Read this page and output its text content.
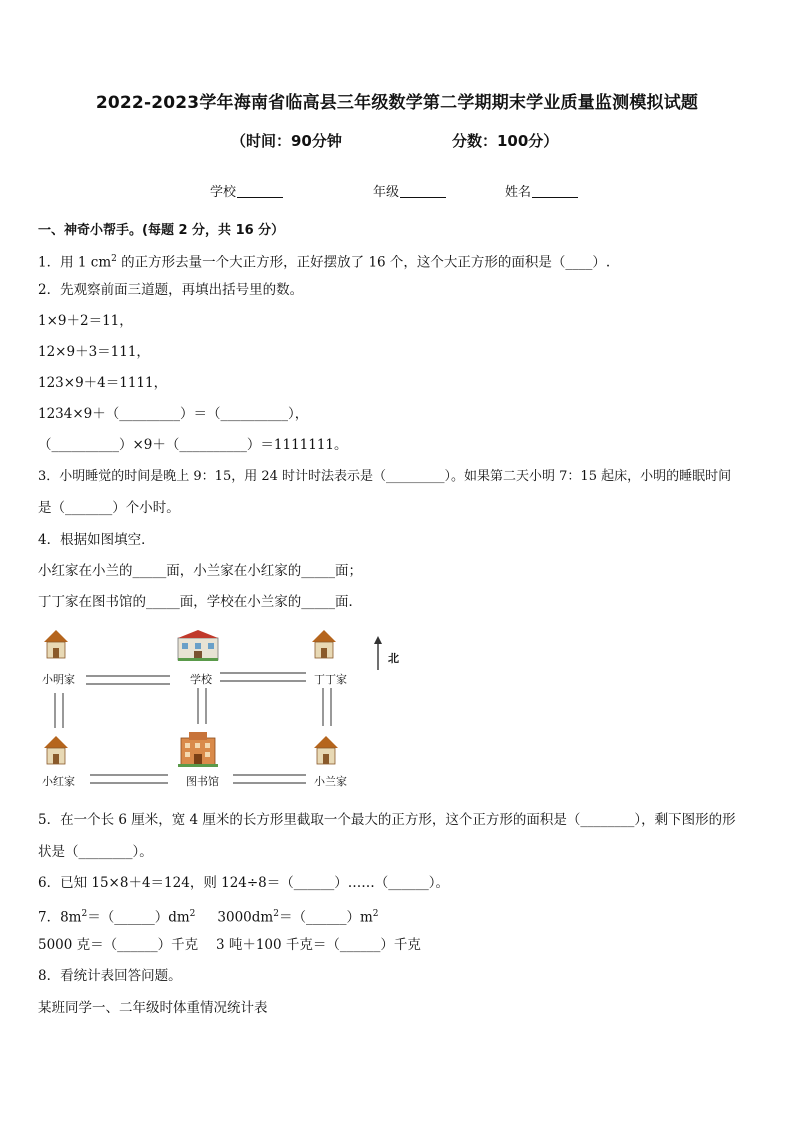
2022-2023学年海南省临高县三年级数学第二学期期末学业质量监测模拟试题
（时间：90分钟	分数：100分）
学校	年级	姓名
一、神奇小帮手。(每题 2 分，共 16 分）
1．用 1 $cm^2$ 的正方形去量一个大正方形，正好摆放了 16 个，这个大正方形的面积是（____）.
2．先观察前面三道题，再填出括号里的数。
1×9＋2＝11，
12×9＋3＝111，
123×9＋4＝1111，
1234×9＋（_________）＝（__________），
（__________）×9＋（__________）＝1111111。
3．小明睡觉的时间是晚上 9：15，用 24 时计时法表示是（_________）。如果第二天小明 7：15 起床，小明的睡眠时间
是（_______）个小时。
4．根据如图填空．
小红家在小兰的_____面，小兰家在小红家的_____面；
丁丁家在图书馆的_____面，学校在小兰家的_____面．
小明家	学校	丁丁家
小红家	图书馆	小兰家
北
5．在一个长 6 厘米，宽 4 厘米的长方形里截取一个最大的正方形，这个正方形的面积是（________），剩下图形的形
状是（________）。
6．已知 15×8＋4＝124，则 124÷8＝（______）……（______）。
7．$8m^2=(\_\_\_\_\_\_)dm^2$ $3000dm^2=(\_\_\_\_\_\_)m^2$
5000 克＝（______）千克　 3 吨＋100 千克＝（______）千克
8．看统计表回答问题。
某班同学一、二年级时体重情况统计表
